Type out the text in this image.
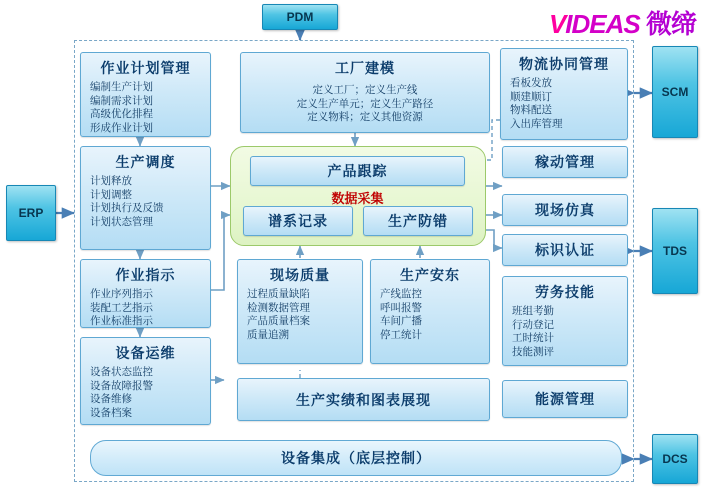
VIDEAS 微缔
PDM
ERP
SCM
TDS
DCS
作业计划管理
编制生产计划
编制需求计划
高级优化排程
形成作业计划
生产调度
计划释放
计划调整
计划执行及反馈
计划状态管理
作业指示
作业序列指示
装配工艺指示
作业标准指示
设备运维
设备状态监控
设备故障报警
设备维修
设备档案
工厂建模
定义工厂；定义生产线
定义生产单元；定义生产路径
定义物料；定义其他资源
产品跟踪
数据采集
谱系记录	生产防错
现场质量
过程质量缺陷
检测数据管理
产品质量档案
质量追溯
生产安东
产线监控
呼叫报警
车间广播
停工统计
生产实绩和图表展现
物流协同管理
看板发放
顺建顺订
物料配送
入出库管理
稼动管理
现场仿真
标识认证
劳务技能
班组考勤
行动登记
工时统计
技能测评
能源管理
设备集成（底层控制）
